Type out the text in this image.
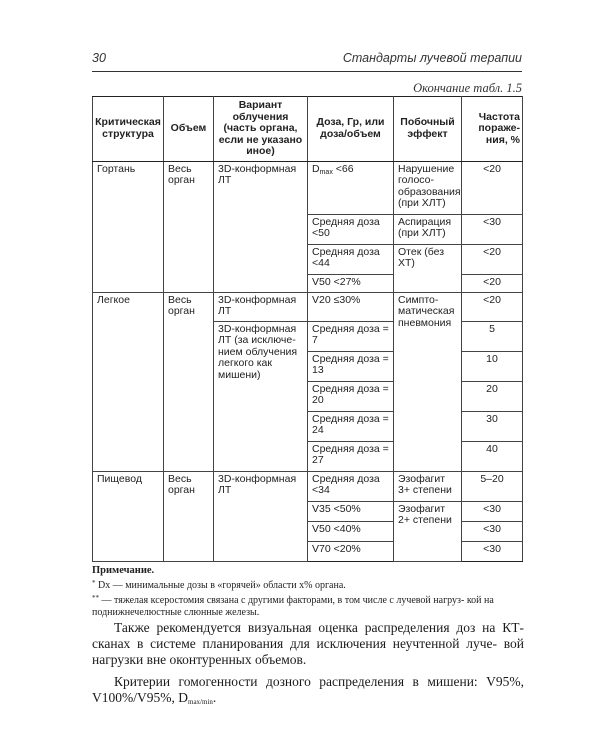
30	Стандарты лучевой терапии
Окончание табл. 1.5
Критическая структура	Объем	Вариант облучения (часть органа, если не указано иное)	Доза, Гр, или доза/объем	Побочный эффект	Частота пораже- ния, %
Гортань	Весь орган	3D-конформная ЛТ	$D_{max} <66$	Нарушение голосо- образования (при ХЛТ)	<20
			Средняя доза <50	Аспирация (при ХЛТ)	<30
			Средняя доза <44	Отек (без ХТ)	<20
			V50 <27%		<20
Легкое	Весь орган	3D-конформная ЛТ	V20 ≤30%	Симпто- матическая пневмония	<20
		3D-конформная ЛТ (за исключе- нием облучения легкого как мишени)	Средняя доза = 7		5
			Средняя доза = 13		10
			Средняя доза = 20		20
			Средняя доза = 24		30
			Средняя доза = 27		40
Пищевод	Весь орган	3D-конформная ЛТ	Средняя доза <34	Эзофагит 3+ степени	5–20
			V35 <50%	Эзофагит 2+ степени	<30
			V50 <40%		<30
			V70 <20%		<30
Примечание.
* Dx — минимальные дозы в «горячей» области x% органа.
** — тяжелая ксеростомия связана с другими факторами, в том числе с лучевой нагруз- кой на поднижнечелюстные слюнные железы.

Также рекомендуется визуальная оценка распределения доз на КТ-сканах в системе планирования для исключения неучтенной луче- вой нагрузки вне оконтуренных объемов.

Критерии гомогенности дозного распределения в мишени: V95%, V100%/V95%, $D_{max/min}$.
